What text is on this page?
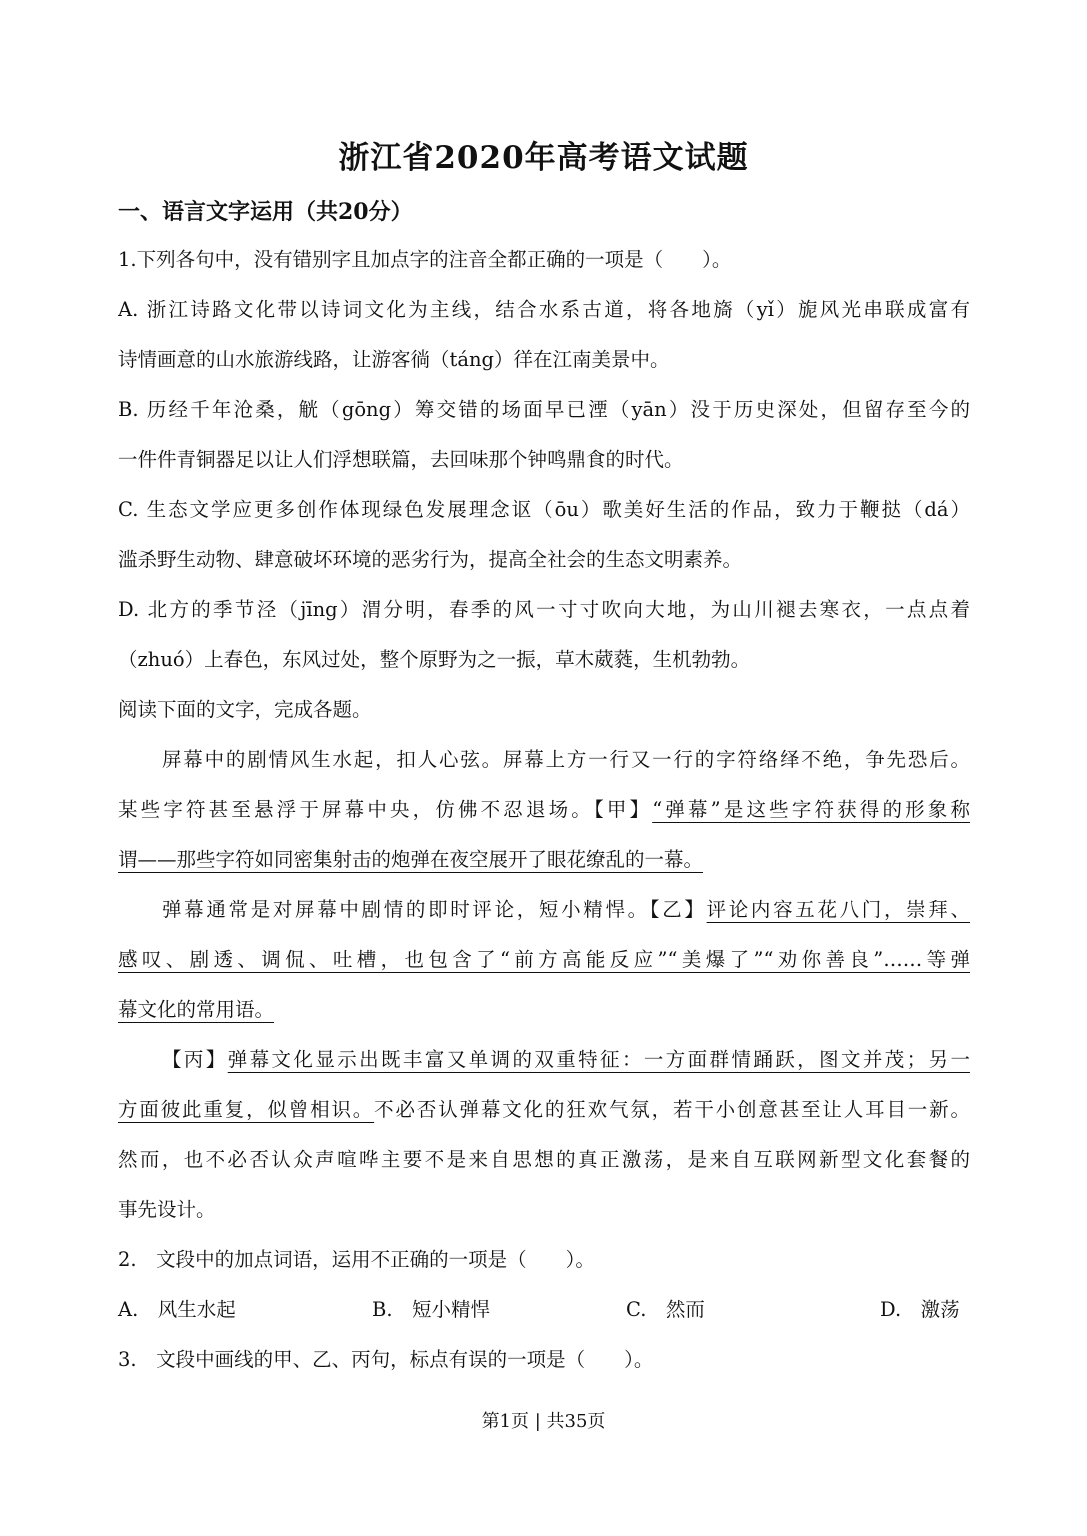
浙江省2020年高考语文试题
一、语言文字运用（共20分）
1.下列各句中，没有错别字且加点字的注音全都正确的一项是（　　）。
A. 浙江诗路文化带以诗词文化为主线，结合水系古道，将各地旖（yǐ）旎风光串联成富有
诗情画意的山水旅游线路，让游客徜（táng）徉在江南美景中。
B. 历经千年沧桑，觥（gōng）筹交错的场面早已湮（yān）没于历史深处，但留存至今的
一件件青铜器足以让人们浮想联篇，去回味那个钟鸣鼎食的时代。
C. 生态文学应更多创作体现绿色发展理念讴（ōu）歌美好生活的作品，致力于鞭挞（dá）
滥杀野生动物、肆意破坏环境的恶劣行为，提高全社会的生态文明素养。
D. 北方的季节泾（jīng）渭分明，春季的风一寸寸吹向大地，为山川褪去寒衣，一点点着
（zhuó）上春色，东风过处，整个原野为之一振，草木葳蕤，生机勃勃。
阅读下面的文字，完成各题。
屏幕中的剧情风生水起，扣人心弦。屏幕上方一行又一行的字符络绎不绝，争先恐后。
某些字符甚至悬浮于屏幕中央，仿佛不忍退场。【甲】“弹幕”是这些字符获得的形象称
谓——那些字符如同密集射击的炮弹在夜空展开了眼花缭乱的一幕。
弹幕通常是对屏幕中剧情的即时评论，短小精悍。【乙】评论内容五花八门，崇拜、
感叹、剧透、调侃、吐槽，也包含了“前方高能反应”“美爆了”“劝你善良”……等弹
幕文化的常用语。
【丙】弹幕文化显示出既丰富又单调的双重特征：一方面群情踊跃，图文并茂；另一
方面彼此重复，似曾相识。不必否认弹幕文化的狂欢气氛，若干小创意甚至让人耳目一新。
然而，也不必否认众声喧哗主要不是来自思想的真正激荡，是来自互联网新型文化套餐的
事先设计。
2.　文段中的加点词语，运用不正确的一项是（　　）。
A.　风生水起	B.　短小精悍	C.　然而	D.　激荡
3.　文段中画线的甲、乙、丙句，标点有误的一项是（　　）。
第1页 | 共35页
